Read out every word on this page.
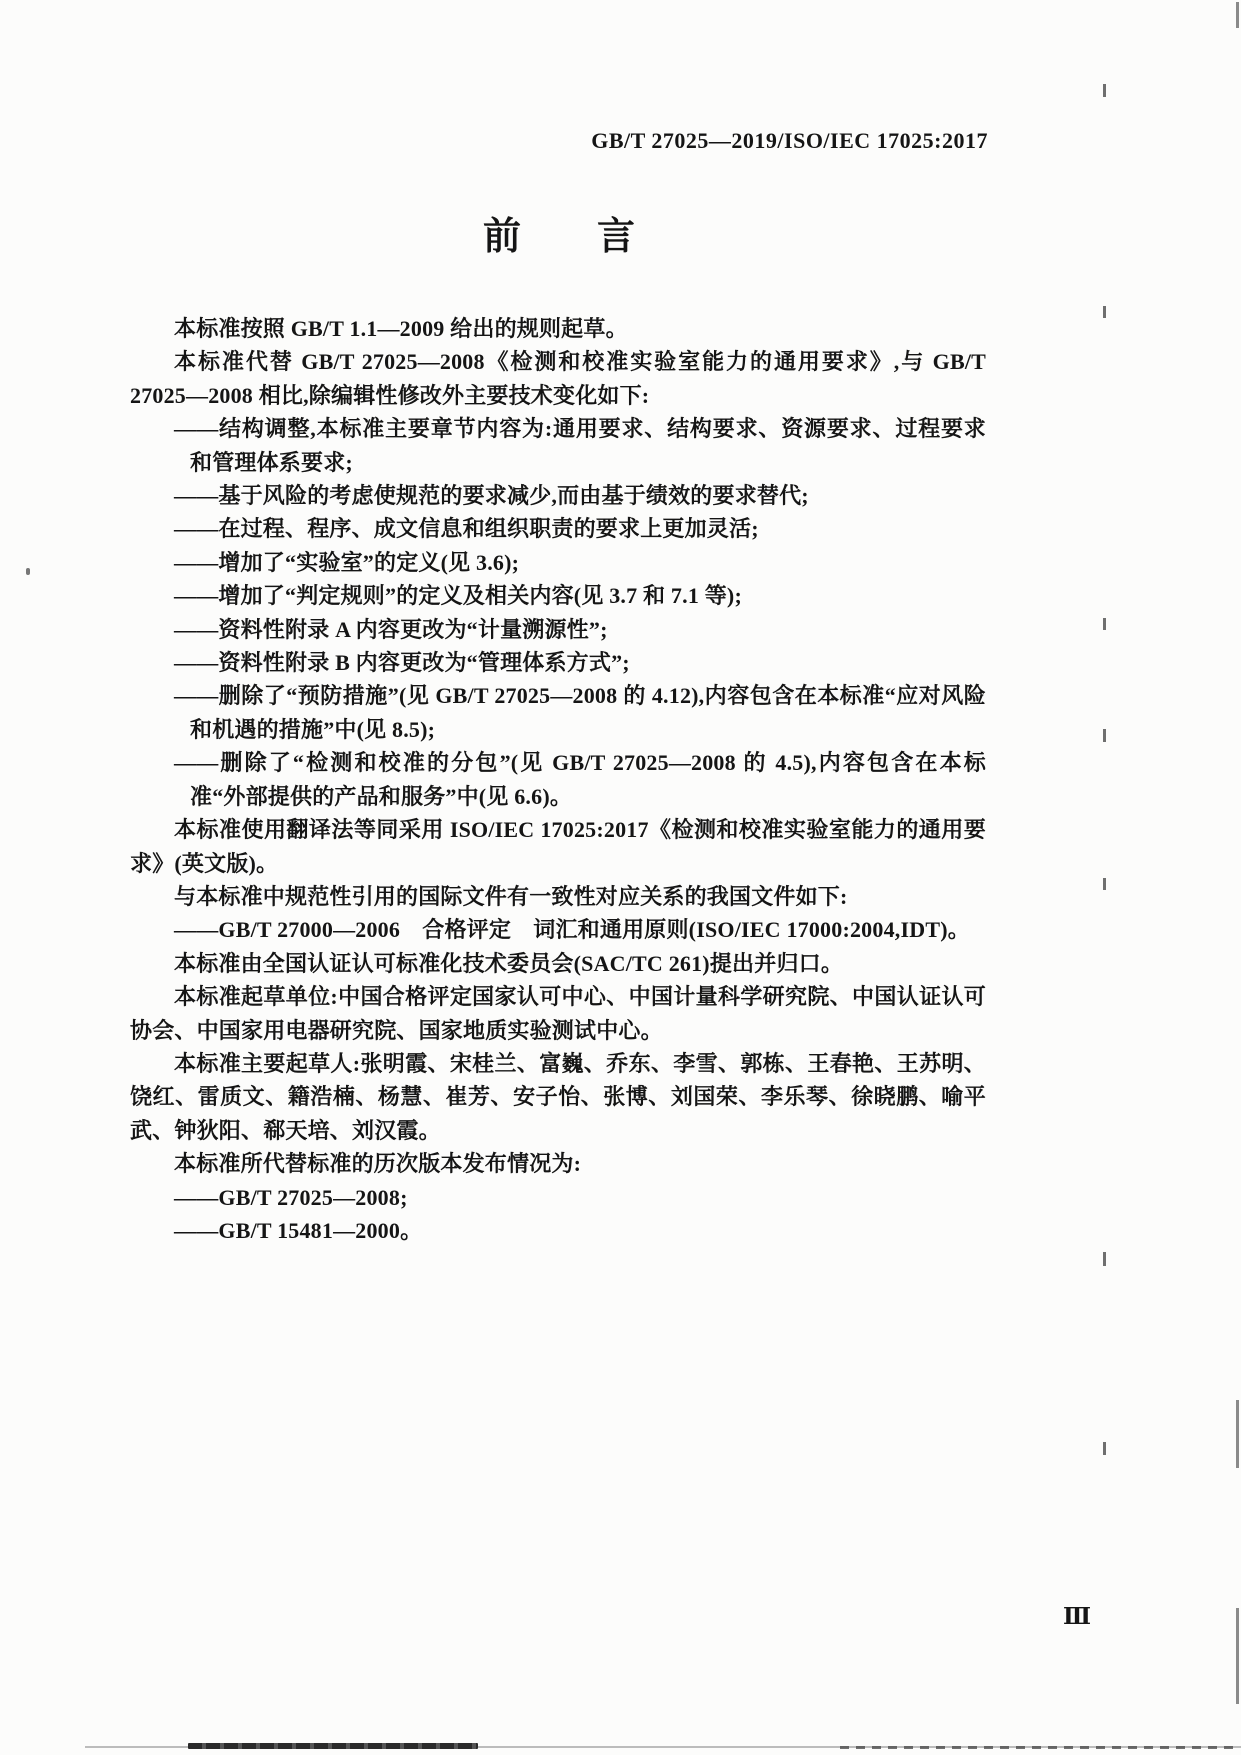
GB/T 27025—2019/ISO/IEC 17025:2017
前　　言
本标准按照 GB/T 1.1—2009 给出的规则起草。
本标准代替 GB/T 27025—2008《检测和校准实验室能力的通用要求》,与 GB/T 27025—2008 相比,除编辑性修改外主要技术变化如下:
——结构调整,本标准主要章节内容为:通用要求、结构要求、资源要求、过程要求和管理体系要求;
——基于风险的考虑使规范的要求减少,而由基于绩效的要求替代;
——在过程、程序、成文信息和组织职责的要求上更加灵活;
——增加了“实验室”的定义(见 3.6);
——增加了“判定规则”的定义及相关内容(见 3.7 和 7.1 等);
——资料性附录 A 内容更改为“计量溯源性”;
——资料性附录 B 内容更改为“管理体系方式”;
——删除了“预防措施”(见 GB/T 27025—2008 的 4.12),内容包含在本标准“应对风险和机遇的措施”中(见 8.5);
——删除了“检测和校准的分包”(见 GB/T 27025—2008 的 4.5),内容包含在本标准“外部提供的产品和服务”中(见 6.6)。
本标准使用翻译法等同采用 ISO/IEC 17025:2017《检测和校准实验室能力的通用要求》(英文版)。
与本标准中规范性引用的国际文件有一致性对应关系的我国文件如下:
——GB/T 27000—2006　合格评定　词汇和通用原则(ISO/IEC 17000:2004,IDT)。
本标准由全国认证认可标准化技术委员会(SAC/TC 261)提出并归口。
本标准起草单位:中国合格评定国家认可中心、中国计量科学研究院、中国认证认可协会、中国家用电器研究院、国家地质实验测试中心。
本标准主要起草人:张明霞、宋桂兰、富巍、乔东、李雪、郭栋、王春艳、王苏明、饶红、雷质文、籍浩楠、杨慧、崔芳、安子怡、张博、刘国荣、李乐琴、徐晓鹏、喻平武、钟狄阳、郗天培、刘汉霞。
本标准所代替标准的历次版本发布情况为:
——GB/T 27025—2008;
——GB/T 15481—2000。
Ⅲ
